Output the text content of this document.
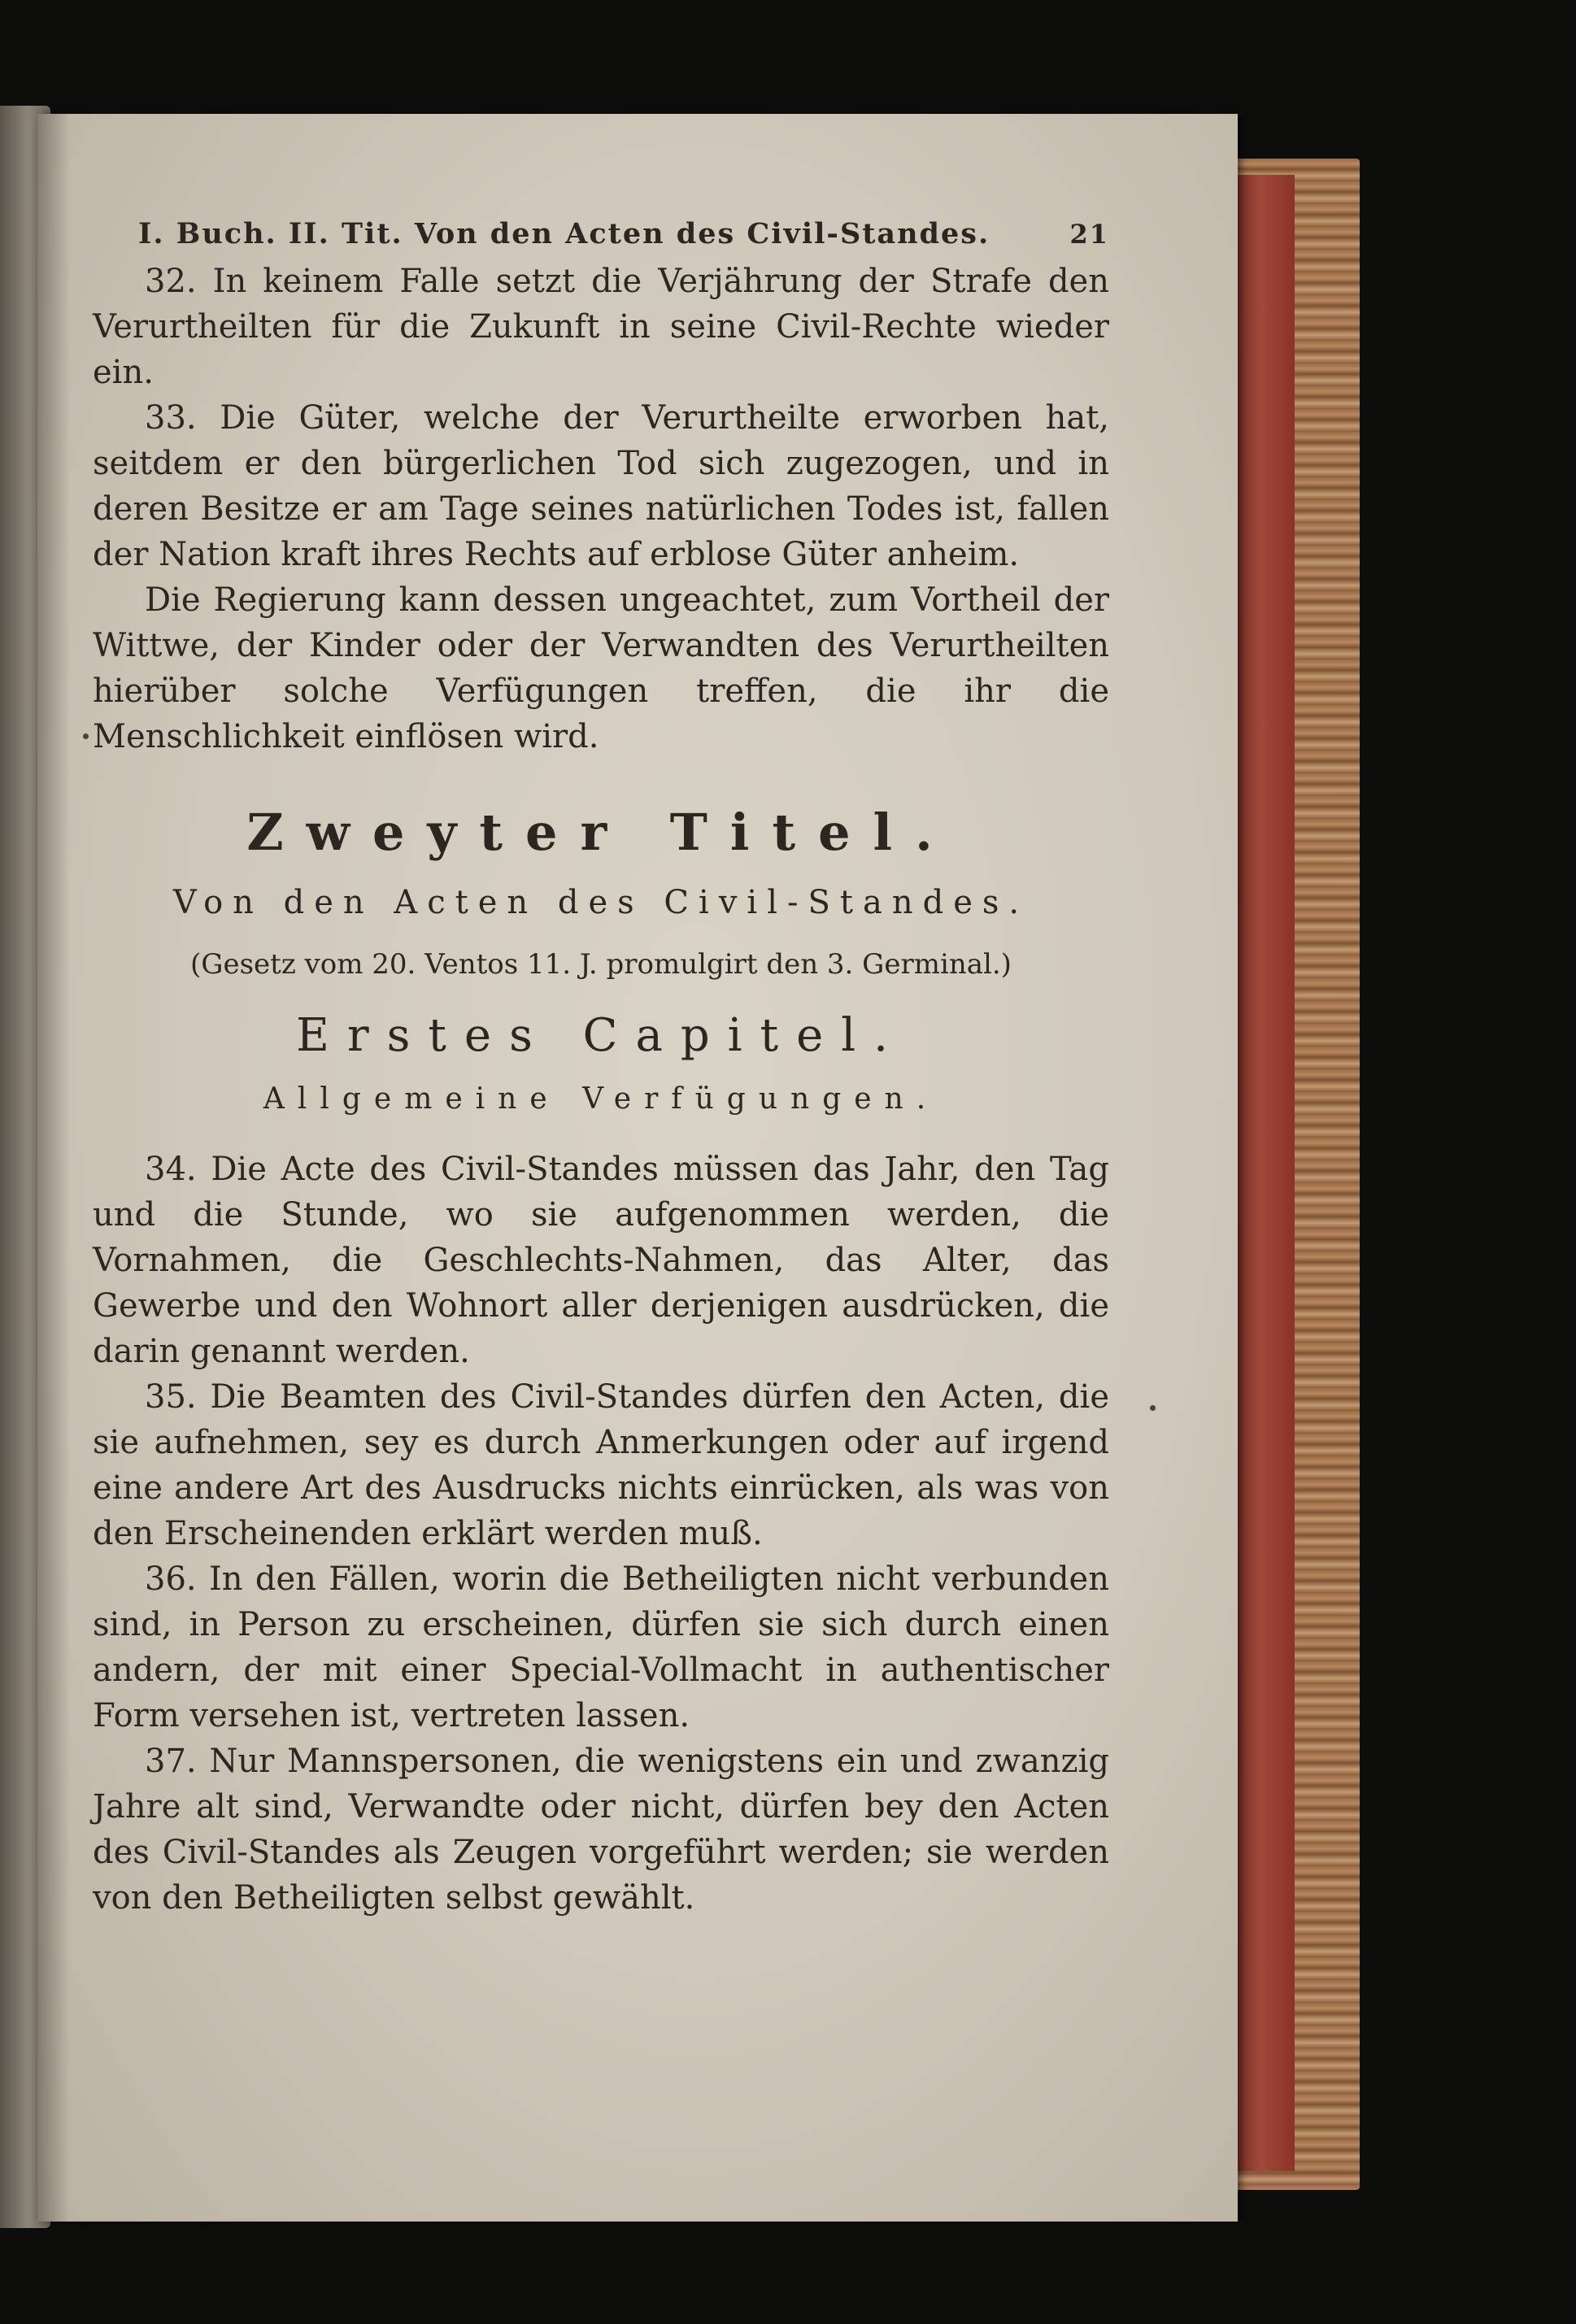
I. Buch. II. Tit. Von den Acten des Civil-Standes.	21

32. In keinem Falle setzt die Verjährung der Strafe den Verurtheilten für die Zukunft in seine Civil-Rechte wieder ein.

33. Die Güter, welche der Verurtheilte erworben hat, seitdem er den bürgerlichen Tod sich zugezogen, und in deren Besitze er am Tage seines natürlichen Todes ist, fallen der Nation kraft ihres Rechts auf erblose Güter anheim.

Die Regierung kann dessen ungeachtet, zum Vortheil der Wittwe, der Kinder oder der Verwandten des Verurtheilten hierüber solche Verfügungen treffen, die ihr die Menschlichkeit einflösen wird.

Zweyter Titel.
Von den Acten des Civil-Standes.
(Gesetz vom 20. Ventos 11. J. promulgirt den 3. Germinal.)
Erstes Capitel.
Allgemeine Verfügungen.

34. Die Acte des Civil-Standes müssen das Jahr, den Tag und die Stunde, wo sie aufgenommen werden, die Vornahmen, die Geschlechts-Nahmen, das Alter, das Gewerbe und den Wohnort aller derjenigen ausdrücken, die darin genannt werden.

35. Die Beamten des Civil-Standes dürfen den Acten, die sie aufnehmen, sey es durch Anmerkungen oder auf irgend eine andere Art des Ausdrucks nichts einrücken, als was von den Erscheinenden erklärt werden muß.

36. In den Fällen, worin die Betheiligten nicht verbunden sind, in Person zu erscheinen, dürfen sie sich durch einen andern, der mit einer Special-Vollmacht in authentischer Form versehen ist, vertreten lassen.

37. Nur Mannspersonen, die wenigstens ein und zwanzig Jahre alt sind, Verwandte oder nicht, dürfen bey den Acten des Civil-Standes als Zeugen vorgeführt werden; sie werden von den Betheiligten selbst gewählt.
